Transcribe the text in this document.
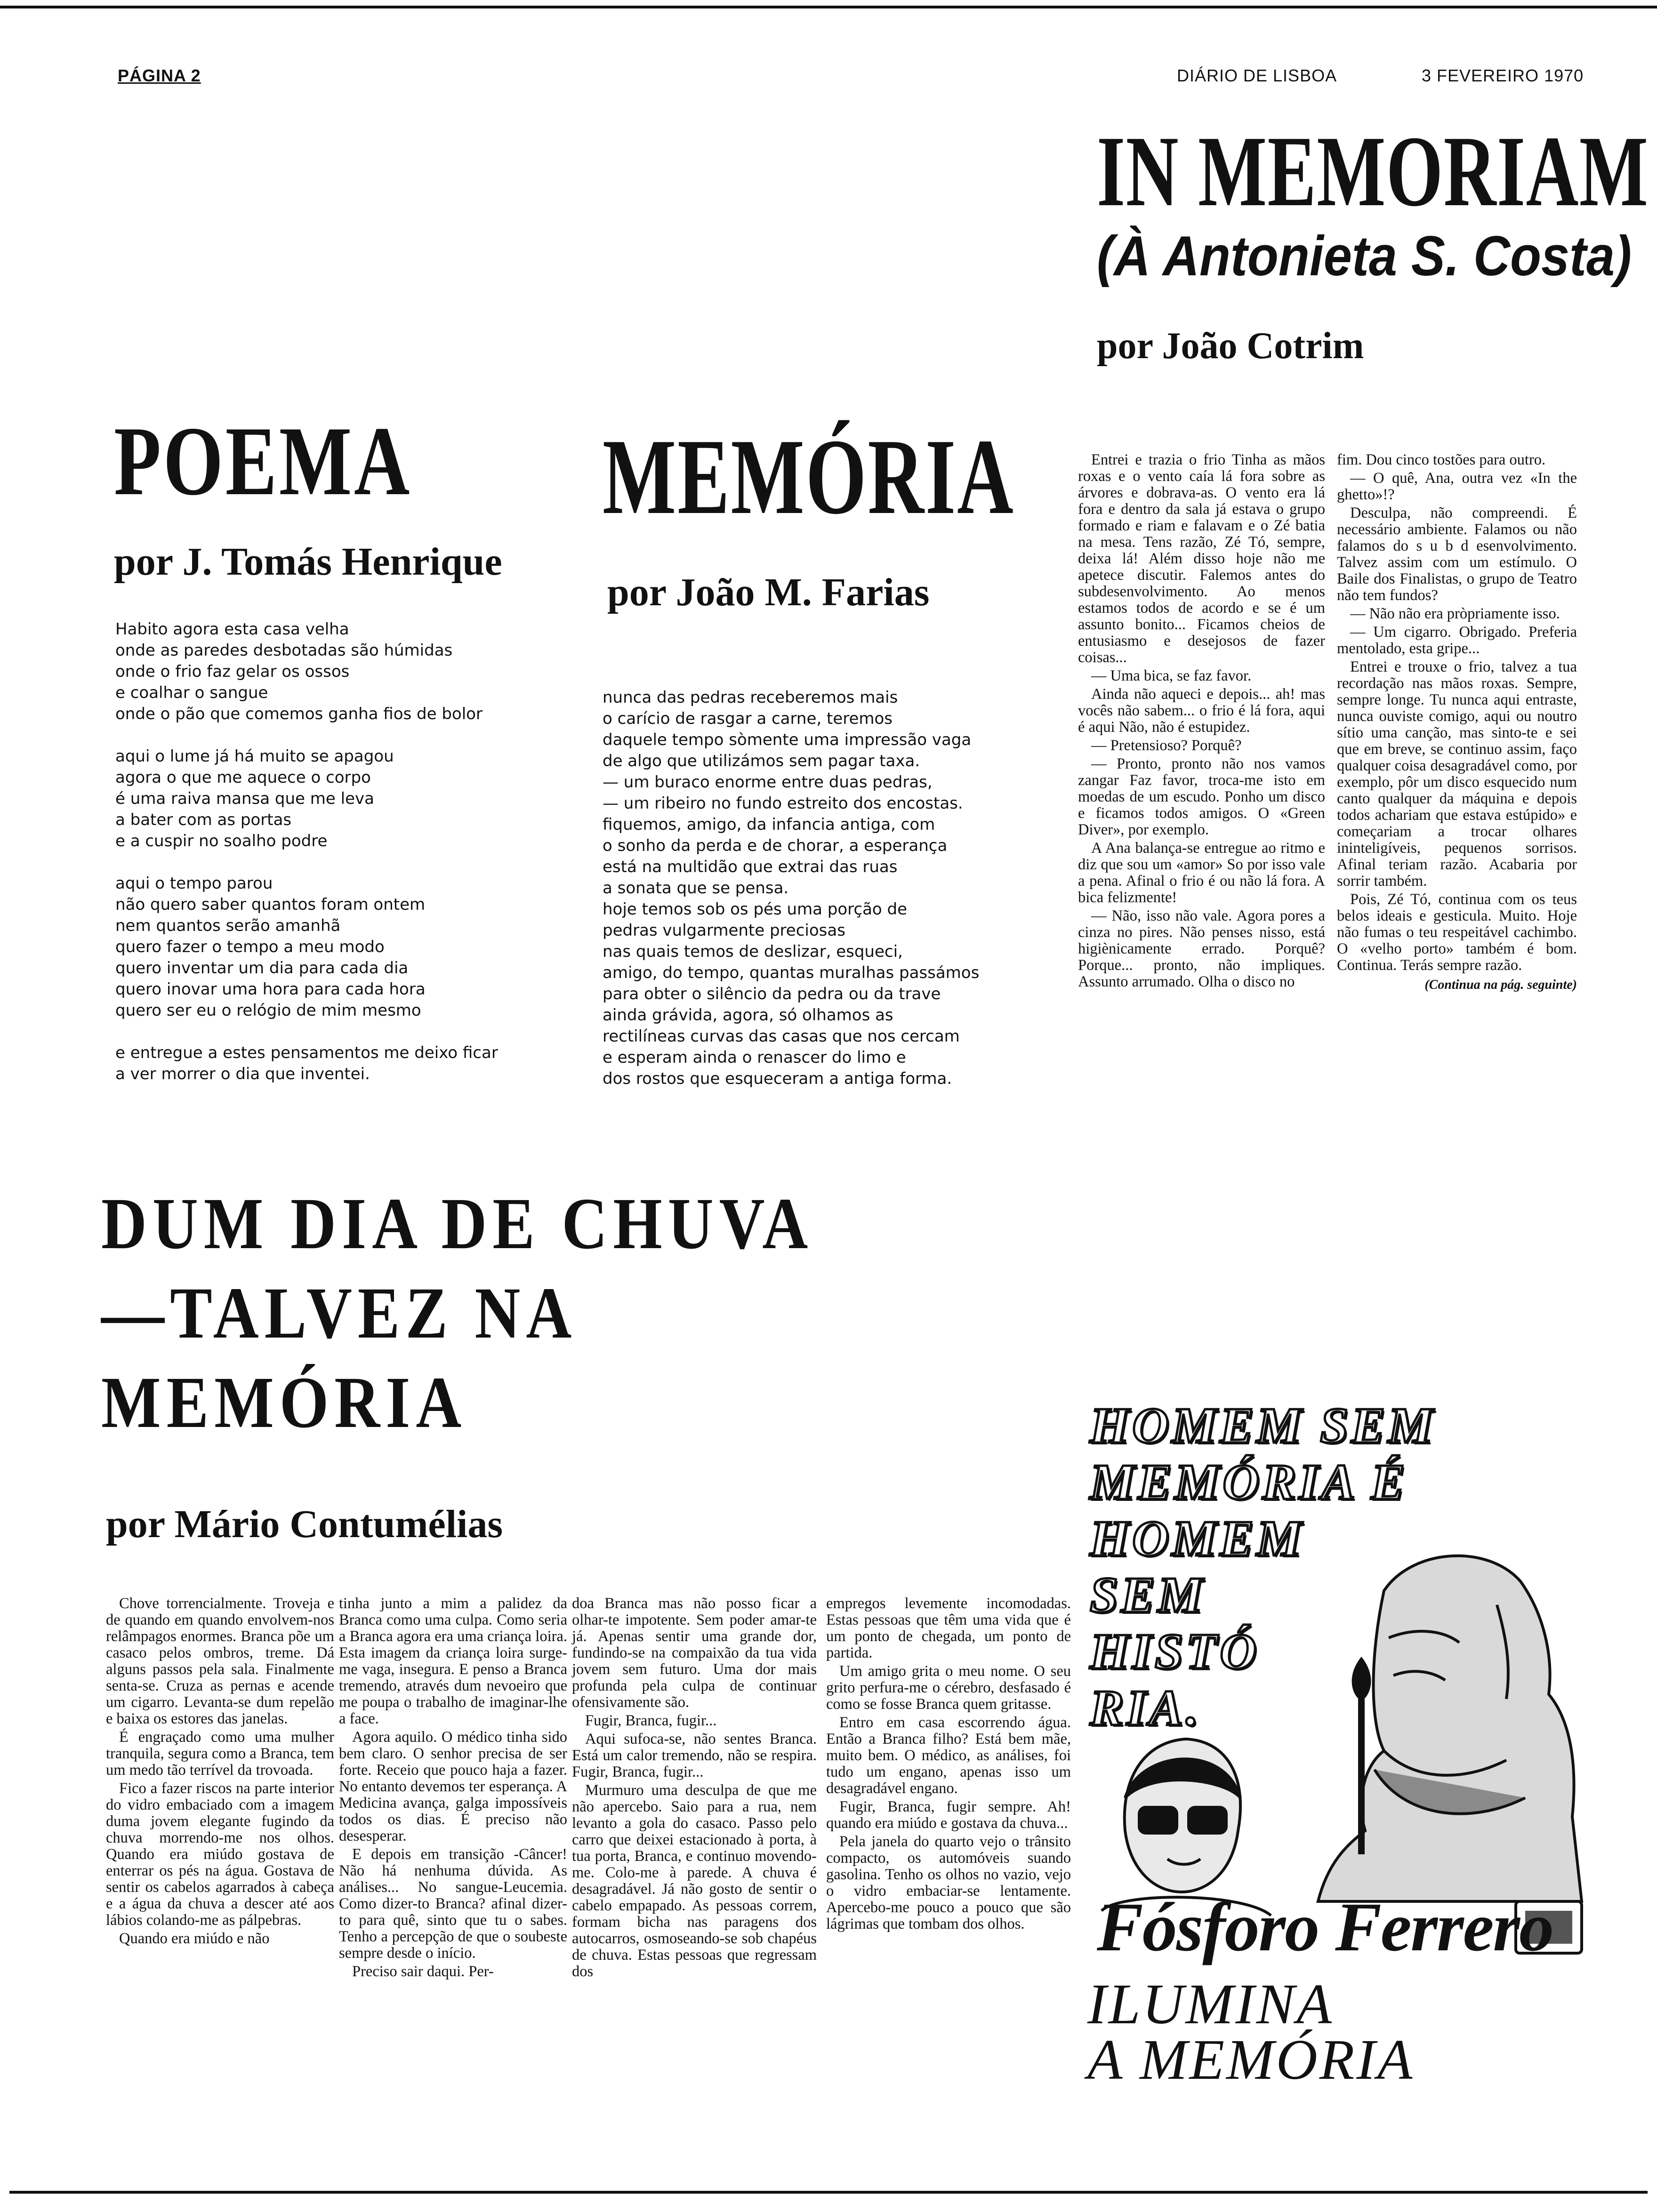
PÁGINA 2	DIÁRIO DE LISBOA	3 FEVEREIRO 1970
IN MEMORIAM
(À Antonieta S. Costa)
por João Cotrim

Entrei e trazia o frio Tinha as mãos roxas e o vento caía lá fora sobre as árvores e dobrava-as. O vento era lá fora e dentro da sala já estava o grupo formado e riam e falavam e o Zé batia na mesa. Tens razão, Zé Tó, sempre, deixa lá! Além disso hoje não me apetece discutir. Falemos antes do subdesenvolvimento. Ao menos estamos todos de acordo e se é um assunto bonito... Ficamos cheios de entusiasmo e desejosos de fazer coisas...

— Uma bica, se faz favor.

Ainda não aqueci e depois... ah! mas vocês não sabem... o frio é lá fora, aqui é aqui Não, não é estupidez.

— Pretensioso? Porquê?

— Pronto, pronto não nos vamos zangar Faz favor, troca-me isto em moedas de um escudo. Ponho um disco e ficamos todos amigos. O «Green Diver», por exemplo.

A Ana balança-se entregue ao ritmo e diz que sou um «amor» So por isso vale a pena. Afinal o frio é ou não lá fora. A bica felizmente!

— Não, isso não vale. Agora pores a cinza no pires. Não penses nisso, está higiènicamente errado. Porquê? Porque... pronto, não impliques. Assunto arrumado. Olha o disco no

fim. Dou cinco tostões para outro.

— O quê, Ana, outra vez «In the ghetto»!?

Desculpa, não compreendi. É necessário ambiente. Falamos ou não falamos do s u b d esenvolvimento. Talvez assim com um estímulo. O Baile dos Finalistas, o grupo de Teatro não tem fundos?

— Não não era pròpriamente isso.

— Um cigarro. Obrigado. Preferia mentolado, esta gripe...

Entrei e trouxe o frio, talvez a tua recordação nas mãos roxas. Sempre, sempre longe. Tu nunca aqui entraste, nunca ouviste comigo, aqui ou noutro sítio uma canção, mas sinto-te e sei que em breve, se continuo assim, faço qualquer coisa desagradável como, por exemplo, pôr um disco esquecido num canto qualquer da máquina e depois todos achariam que estava estúpido» e começariam a trocar olhares ininteligíveis, pequenos sorrisos. Afinal teriam razão. Acabaria por sorrir também.

Pois, Zé Tó, continua com os teus belos ideais e gesticula. Muito. Hoje não fumas o teu respeitável cachimbo. O «velho porto» também é bom. Continua. Terás sempre razão.

(Continua na pág. seguinte)
POEMA
por J. Tomás Henrique

Habito agora esta casa velha

onde as paredes desbotadas são húmidas

onde o frio faz gelar os ossos

e coalhar o sangue

onde o pão que comemos ganha fios de bolor

aqui o lume já há muito se apagou

agora o que me aquece o corpo

é uma raiva mansa que me leva

a bater com as portas

e a cuspir no soalho podre

aqui o tempo parou

não quero saber quantos foram ontem

nem quantos serão amanhã

quero fazer o tempo a meu modo

quero inventar um dia para cada dia

quero inovar uma hora para cada hora

quero ser eu o relógio de mim mesmo

e entregue a estes pensamentos me deixo ficar

a ver morrer o dia que inventei.

MEMÓRIA
por João M. Farias

nunca das pedras receberemos mais

o carício de rasgar a carne, teremos

daquele tempo sòmente uma impressão vaga

de algo que utilizámos sem pagar taxa.

— um buraco enorme entre duas pedras,

— um ribeiro no fundo estreito dos encostas.

fiquemos, amigo, da infancia antiga, com

o sonho da perda e de chorar, a esperança

está na multidão que extrai das ruas

a sonata que se pensa.

hoje temos sob os pés uma porção de

pedras vulgarmente preciosas

nas quais temos de deslizar, esqueci,

amigo, do tempo, quantas muralhas passámos

para obter o silêncio da pedra ou da trave

ainda grávida, agora, só olhamos as

rectilíneas curvas das casas que nos cercam

e esperam ainda o renascer do limo e

dos rostos que esqueceram a antiga forma.

DUM DIA DE CHUVA
—TALVEZ NA
MEMÓRIA
por Mário Contumélias

Chove torrencialmente. Troveja e de quando em quando envolvem-nos relâmpagos enormes. Branca põe um casaco pelos ombros, treme. Dá alguns passos pela sala. Finalmente senta-se. Cruza as pernas e acende um cigarro. Levanta-se dum repelão e baixa os estores das janelas.

É engraçado como uma mulher tranquila, segura como a Branca, tem um medo tão terrível da trovoada.

Fico a fazer riscos na parte interior do vidro embaciado com a imagem duma jovem elegante fugindo da chuva morrendo-me nos olhos. Quando era miúdo gostava de enterrar os pés na água. Gostava de sentir os cabelos agarrados à cabeça e a água da chuva a descer até aos lábios colando-me as pálpebras.

Quando era miúdo e não

tinha junto a mim a palidez da Branca como uma culpa. Como seria a Branca agora era uma criança loira. Esta imagem da criança loira surge-me vaga, insegura. E penso a Branca tremendo, através dum nevoeiro que me poupa o trabalho de imaginar-lhe a face.

Agora aquilo. O médico tinha sido bem claro. O senhor precisa de ser forte. Receio que pouco haja a fazer. No entanto devemos ter esperança. A Medicina avança, galga impossíveis todos os dias. É preciso não desesperar.

E depois em transição -Câncer! Não há nenhuma dúvida. As análises... No sangue-Leucemia. Como dizer-to Branca? afinal dizer-to para quê, sinto que tu o sabes. Tenho a percepção de que o soubeste sempre desde o início.

Preciso sair daqui. Per-

doa Branca mas não posso ficar a olhar-te impotente. Sem poder amar-te já. Apenas sentir uma grande dor, fundindo-se na compaixão da tua vida jovem sem futuro. Uma dor mais profunda pela culpa de continuar ofensivamente são.

Fugir, Branca, fugir...

Aqui sufoca-se, não sentes Branca. Está um calor tremendo, não se respira. Fugir, Branca, fugir...

Murmuro uma desculpa de que me não apercebo. Saio para a rua, nem levanto a gola do casaco. Passo pelo carro que deixei estacionado à porta, à tua porta, Branca, e continuo movendo-me. Colo-me à parede. A chuva é desagradável. Já não gosto de sentir o cabelo empapado. As pessoas correm, formam bicha nas paragens dos autocarros, osmoseando-se sob chapéus de chuva. Estas pessoas que regressam dos

empregos levemente incomodadas. Estas pessoas que têm uma vida que é um ponto de chegada, um ponto de partida.

Um amigo grita o meu nome. O seu grito perfura-me o cérebro, desfasado é como se fosse Branca quem gritasse.

Entro em casa escorrendo água. Então a Branca filho? Está bem mãe, muito bem. O médico, as análises, foi tudo um engano, apenas isso um desagradável engano.

Fugir, Branca, fugir sempre. Ah! quando era miúdo e gostava da chuva...

Pela janela do quarto vejo o trânsito compacto, os automóveis suando gasolina. Tenho os olhos no vazio, vejo o vidro embaciar-se lentamente. Apercebo-me pouco a pouco que são lágrimas que tombam dos olhos.

HOMEM SEM
MEMÓRIA É
HOMEM
SEM
HISTÓ
RIA.
Fósforo Ferrero
ILUMINA
A MEMÓRIA
